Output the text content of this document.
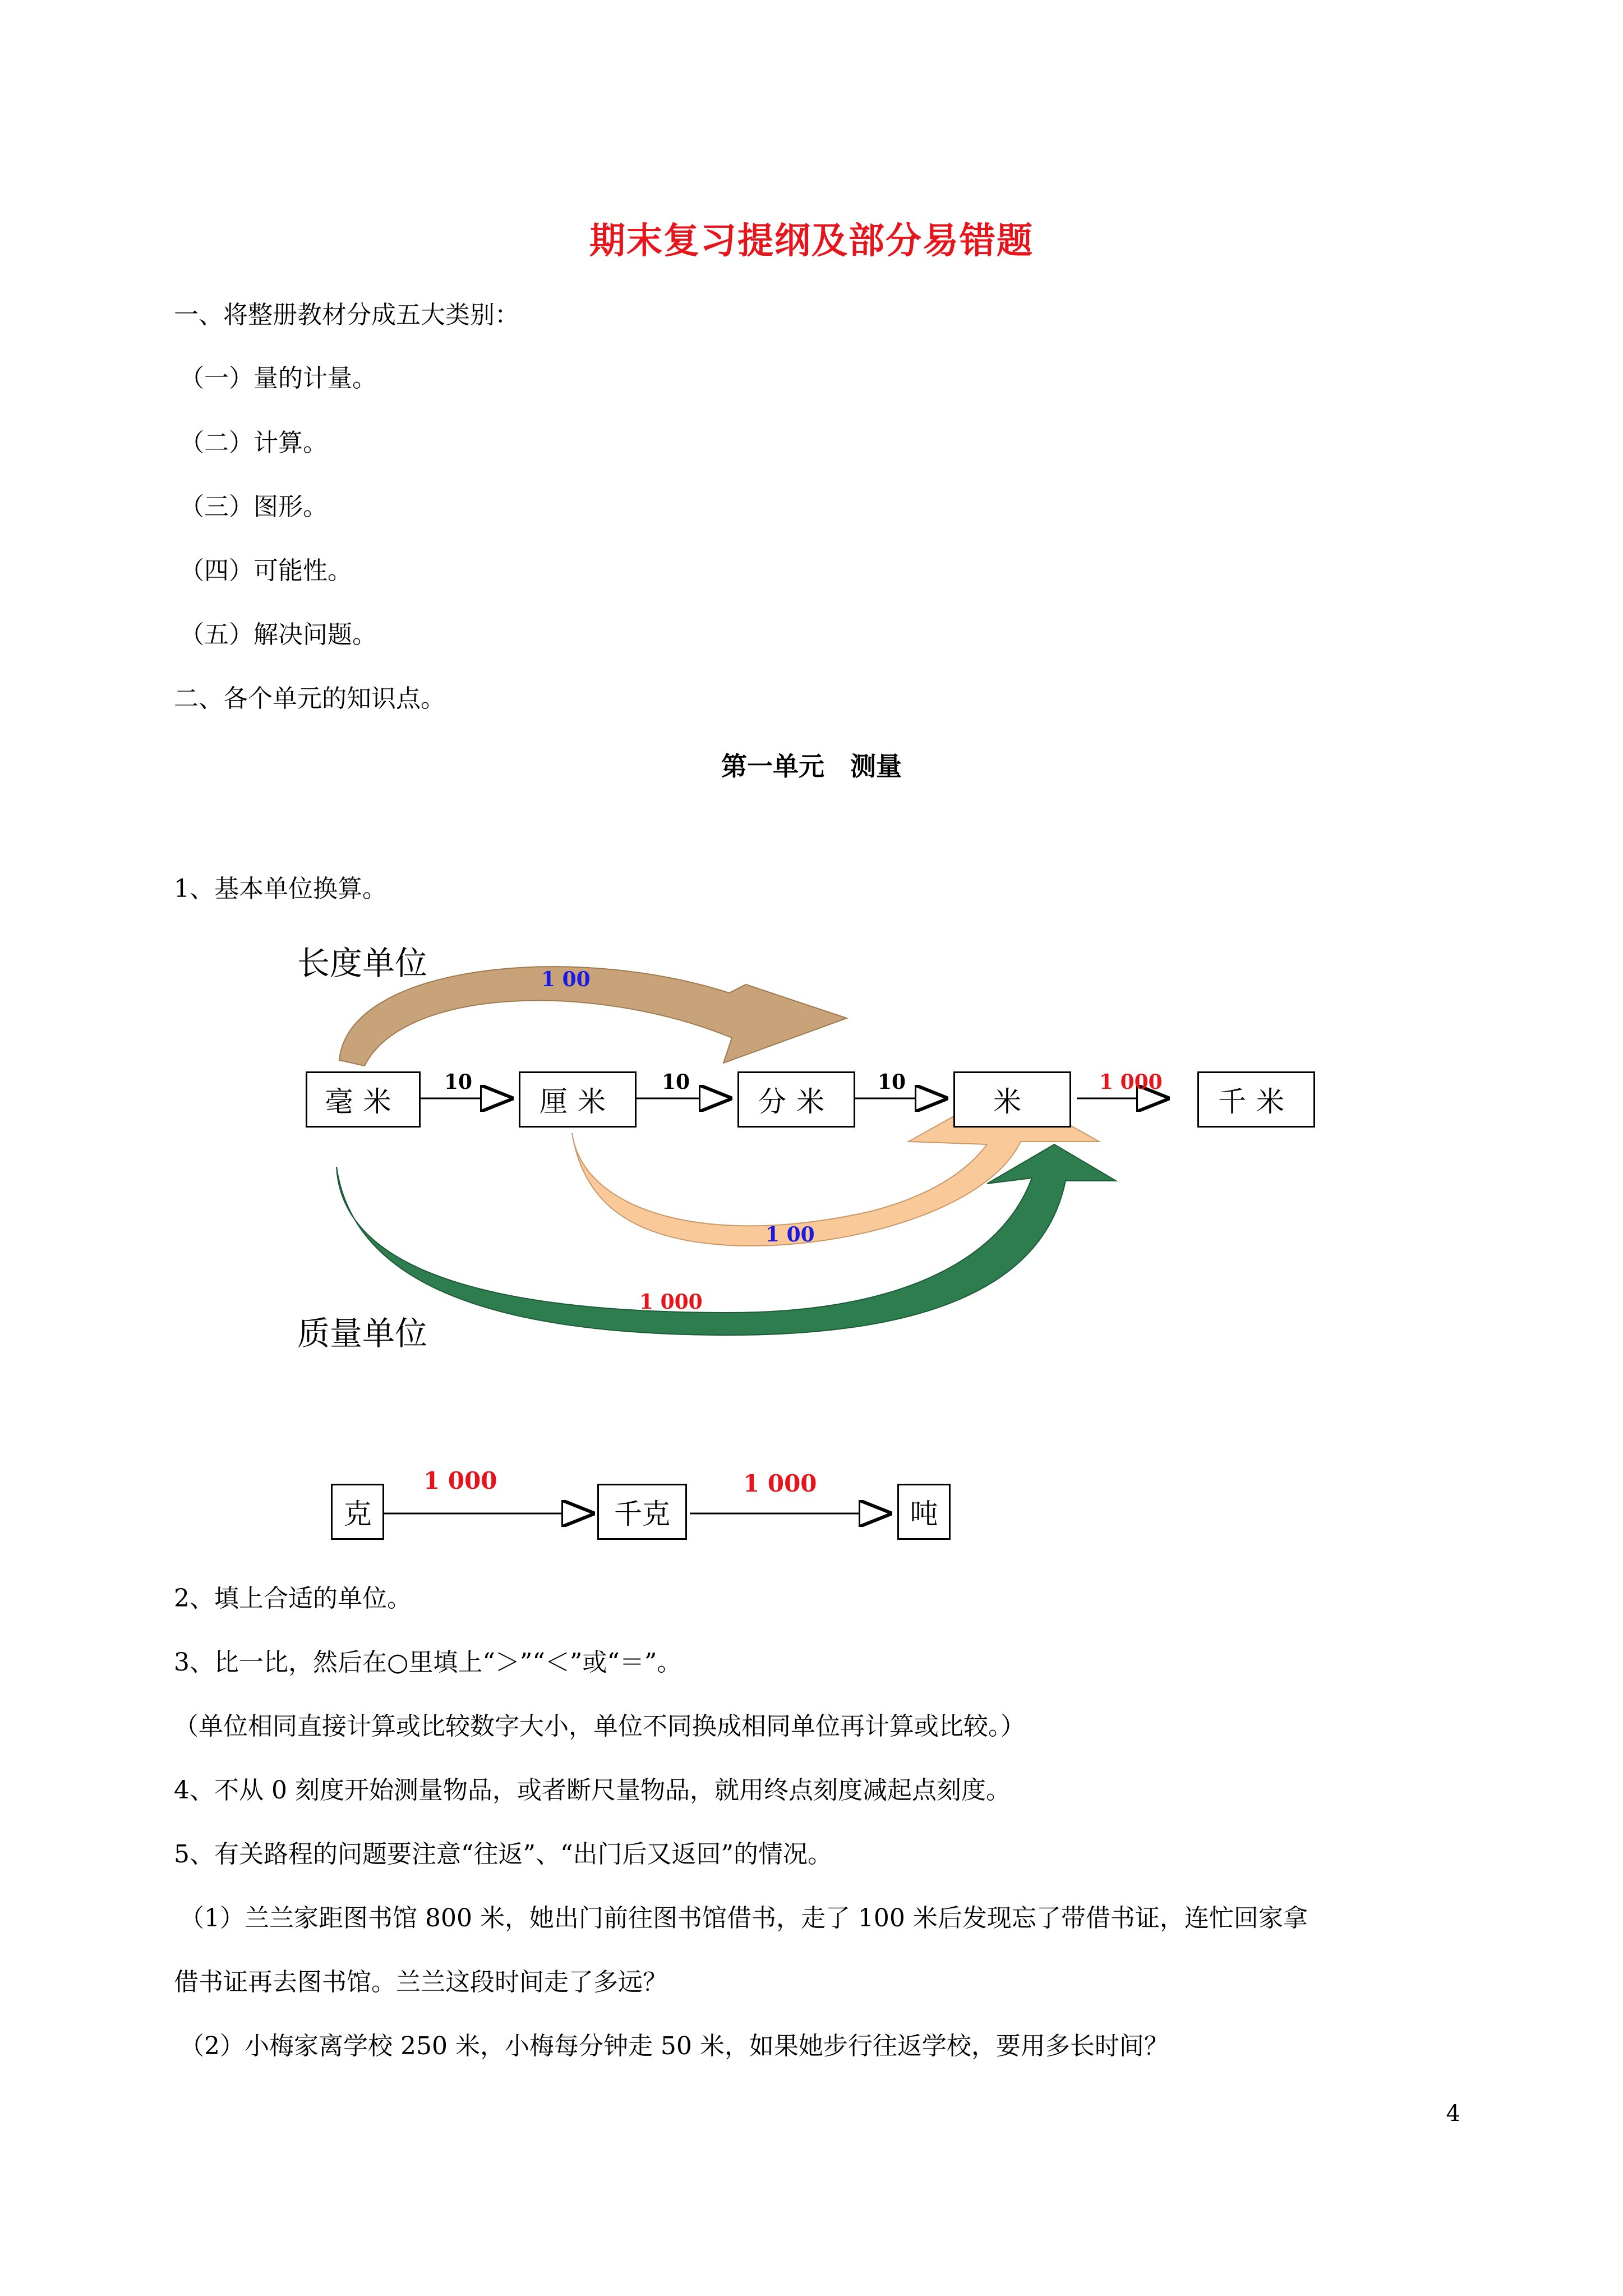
期末复习提纲及部分易错题
一、将整册教材分成五大类别：
（一）量的计量。
（二）计算。
（三）图形。
（四）可能性。
（五）解决问题。
二、各个单元的知识点。
第一单元　测量
1、基本单位换算。
长度单位
质量单位
毫米	厘米	分米	米	千米
10	10	10	1 000
1 00
1 00
1 000
克	千克	吨
1 000	1 000
2、填上合适的单位。
3、比一比，然后在○里填上“＞”“＜”或“＝”。
（单位相同直接计算或比较数字大小，单位不同换成相同单位再计算或比较。）
4、不从 0 刻度开始测量物品，或者断尺量物品，就用终点刻度减起点刻度。
5、有关路程的问题要注意“往返”、“出门后又返回”的情况。
（1）兰兰家距图书馆 800 米，她出门前往图书馆借书，走了 100 米后发现忘了带借书证，连忙回家拿
借书证再去图书馆。兰兰这段时间走了多远？
（2）小梅家离学校 250 米，小梅每分钟走 50 米，如果她步行往返学校，要用多长时间？
4
